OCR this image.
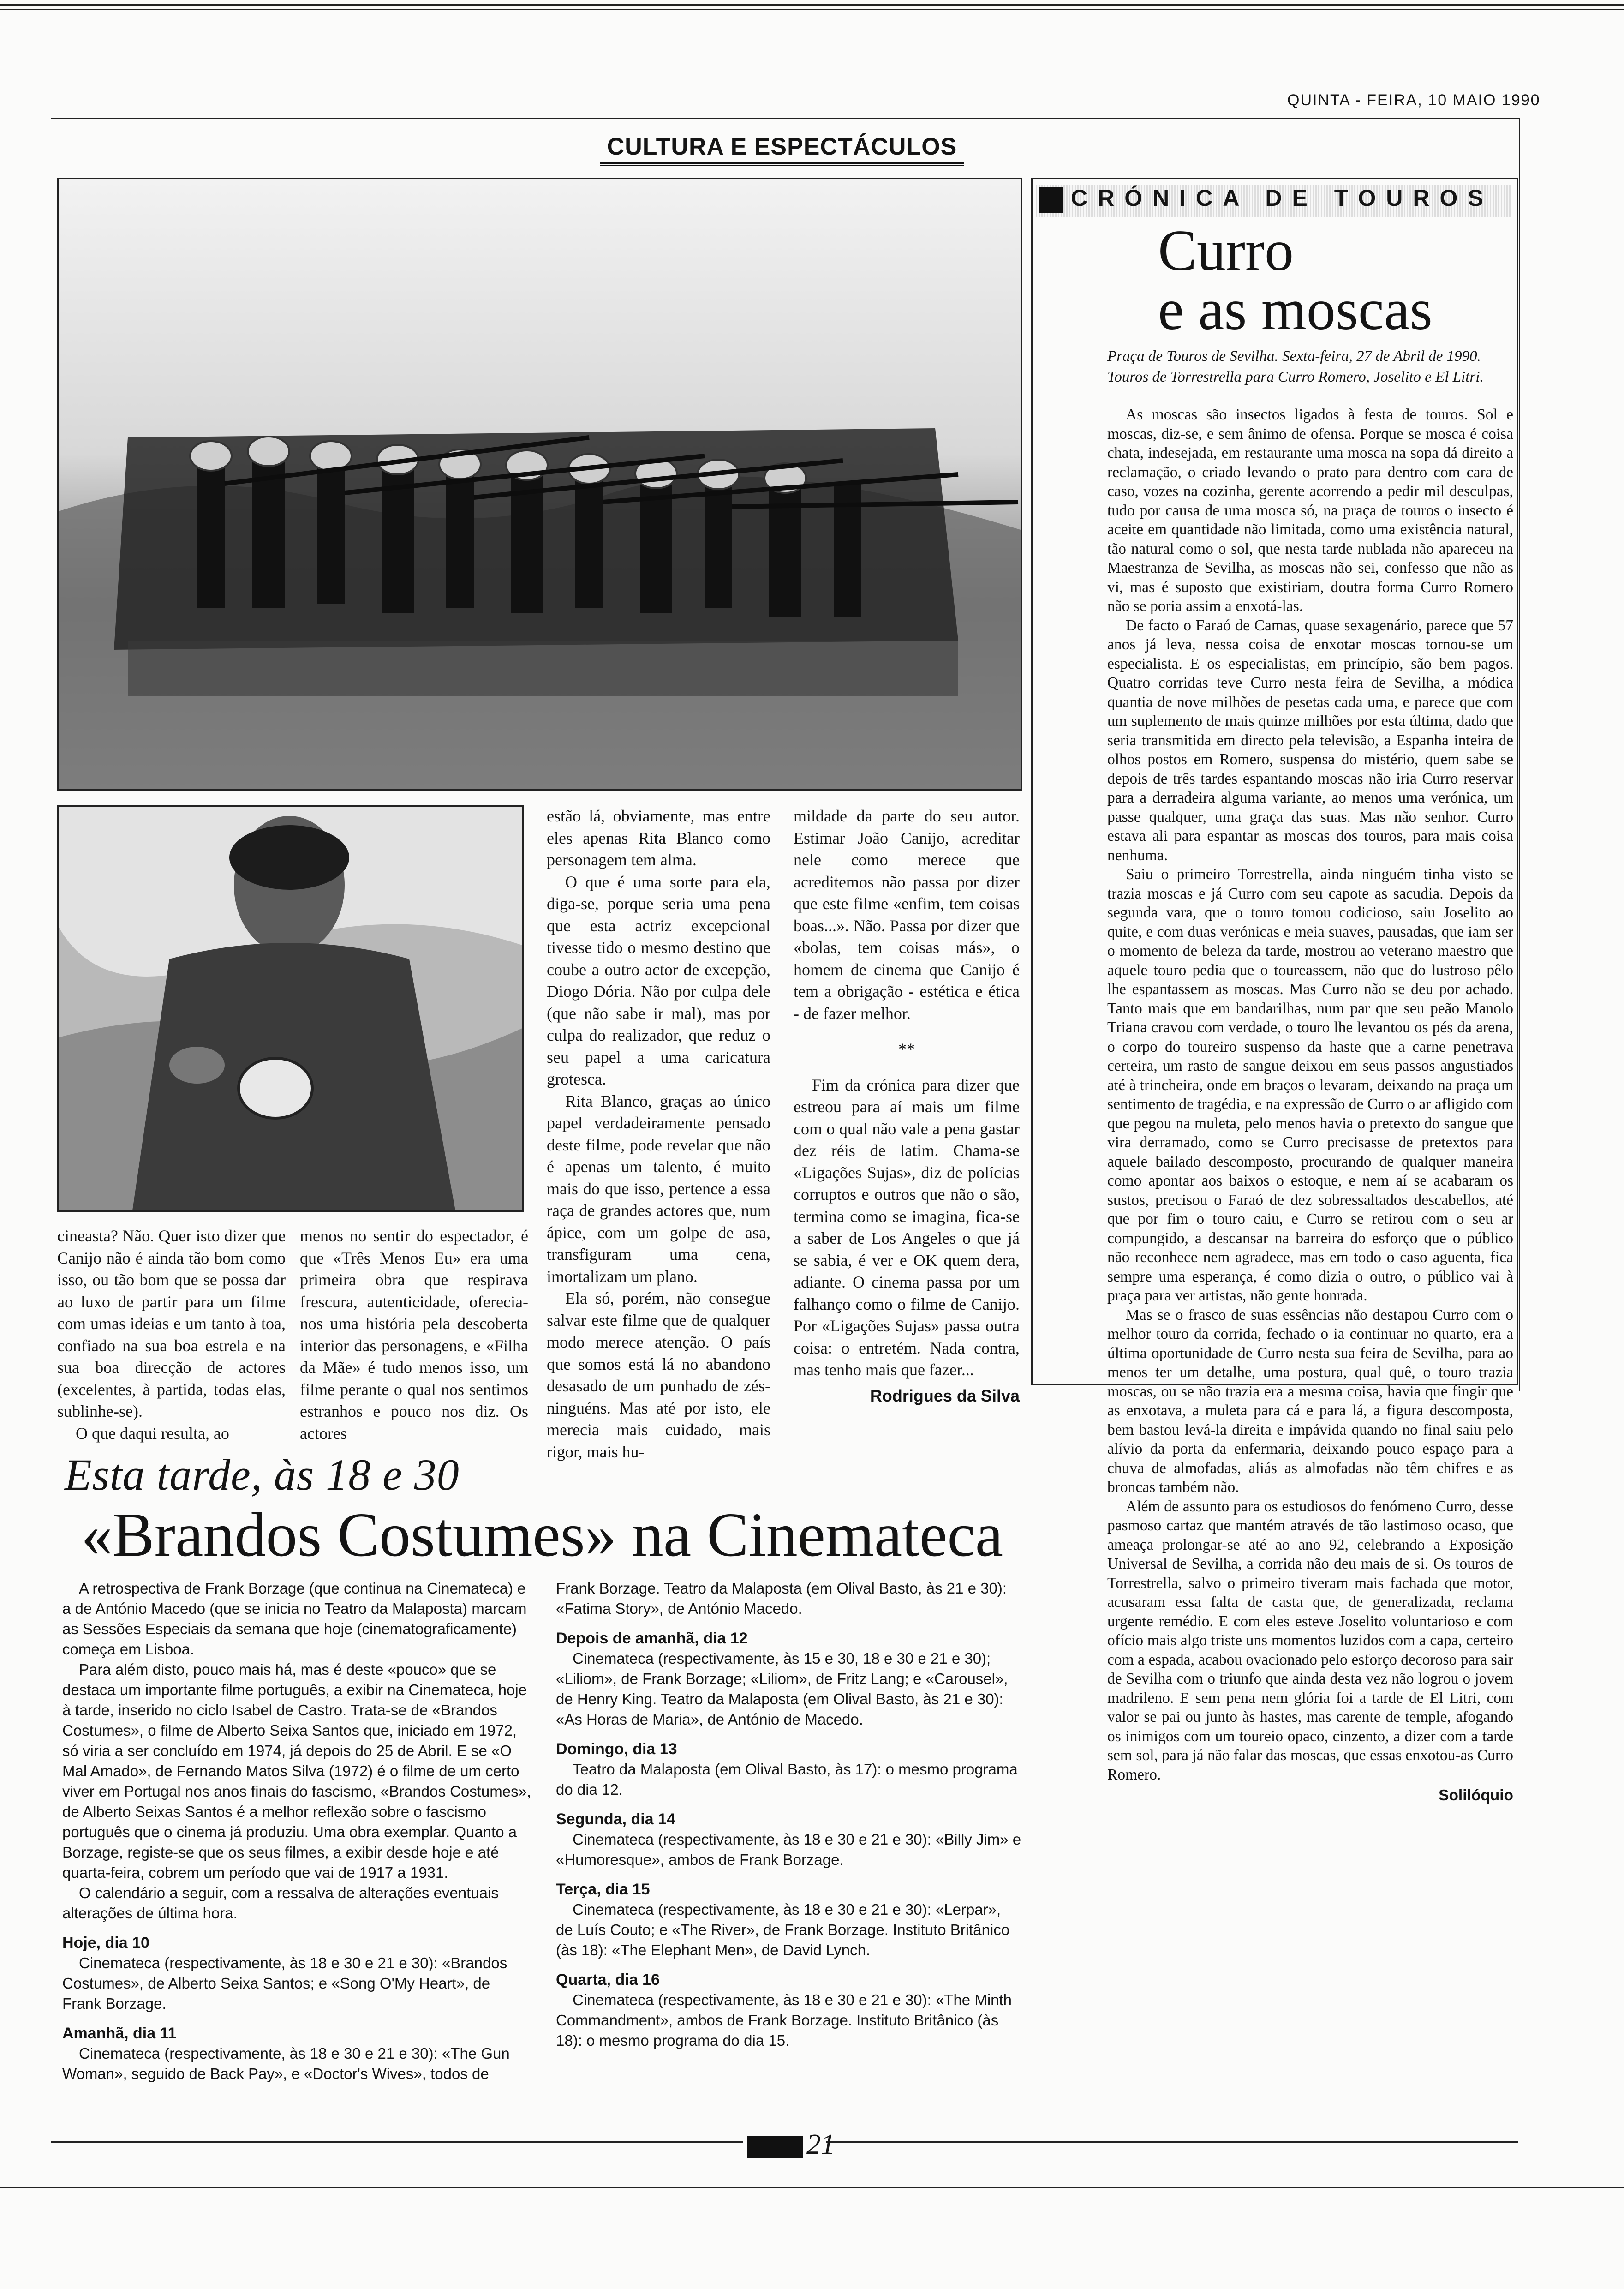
QUINTA - FEIRA, 10 MAIO 1990
CULTURA E ESPECTÁCULOS

cineasta? Não. Quer isto dizer que Canijo não é ainda tão bom como isso, ou tão bom que se possa dar ao luxo de partir para um filme com umas ideias e um tanto à toa, confiado na sua boa estrela e na sua boa direcção de actores (excelentes, à partida, todas elas, sublinhe-se).

O que daqui resulta, ao

menos no sentir do espectador, é que «Três Menos Eu» era uma primeira obra que respirava frescura, autenticidade, oferecia-nos uma história pela descoberta interior das personagens, e «Filha da Mãe» é tudo menos isso, um filme perante o qual nos sentimos estranhos e pouco nos diz. Os actores

estão lá, obviamente, mas entre eles apenas Rita Blanco como personagem tem alma.

O que é uma sorte para ela, diga-se, porque seria uma pena que esta actriz excepcional tivesse tido o mesmo destino que coube a outro actor de excepção, Diogo Dória. Não por culpa dele (que não sabe ir mal), mas por culpa do realizador, que reduz o seu papel a uma caricatura grotesca.

Rita Blanco, graças ao único papel verdadeiramente pensado deste filme, pode revelar que não é apenas um talento, é muito mais do que isso, pertence a essa raça de grandes actores que, num ápice, com um golpe de asa, transfiguram uma cena, imortalizam um plano.

Ela só, porém, não consegue salvar este filme que de qualquer modo merece atenção. O país que somos está lá no abandono desasado de um punhado de zés-ninguéns. Mas até por isto, ele merecia mais cuidado, mais rigor, mais hu-

mildade da parte do seu autor. Estimar João Canijo, acreditar nele como merece que acreditemos não passa por dizer que este filme «enfim, tem coisas boas...». Não. Passa por dizer que «bolas, tem coisas más», o homem de cinema que Canijo é tem a obrigação - estética e ética - de fazer melhor.

**

Fim da crónica para dizer que estreou para aí mais um filme com o qual não vale a pena gastar dez réis de latim. Chama-se «Ligações Sujas», diz de polícias corruptos e outros que não o são, termina como se imagina, fica-se a saber de Los Angeles o que já se sabia, é ver e OK quem dera, adiante. O cinema passa por um falhanço como o filme de Canijo. Por «Ligações Sujas» passa outra coisa: o entretém. Nada contra, mas tenho mais que fazer...

Rodrigues da Silva
Esta tarde, às 18 e 30
«Brandos Costumes» na Cinemateca

A retrospectiva de Frank Borzage (que continua na Cinemateca) e a de António Macedo (que se inicia no Teatro da Malaposta) marcam as Sessões Especiais da semana que hoje (cinematograficamente) começa em Lisboa.

Para além disto, pouco mais há, mas é deste «pouco» que se destaca um importante filme português, a exibir na Cinemateca, hoje à tarde, inserido no ciclo Isabel de Castro. Trata-se de «Brandos Costumes», o filme de Alberto Seixa Santos que, iniciado em 1972, só viria a ser concluído em 1974, já depois do 25 de Abril. E se «O Mal Amado», de Fernando Matos Silva (1972) é o filme de um certo viver em Portugal nos anos finais do fascismo, «Brandos Costumes», de Alberto Seixas Santos é a melhor reflexão sobre o fascismo português que o cinema já produziu. Uma obra exemplar. Quanto a Borzage, registe-se que os seus filmes, a exibir desde hoje e até quarta-feira, cobrem um período que vai de 1917 a 1931.

O calendário a seguir, com a ressalva de alterações eventuais alterações de última hora.

Hoje, dia 10

Cinemateca (respectivamente, às 18 e 30 e 21 e 30): «Brandos Costumes», de Alberto Seixa Santos; e «Song O'My Heart», de Frank Borzage.

Amanhã, dia 11

Cinemateca (respectivamente, às 18 e 30 e 21 e 30): «The Gun Woman», seguido de Back Pay», e «Doctor's Wives», todos de

Frank Borzage. Teatro da Malaposta (em Olival Basto, às 21 e 30): «Fatima Story», de António Macedo.

Depois de amanhã, dia 12

Cinemateca (respectivamente, às 15 e 30, 18 e 30 e 21 e 30); «Liliom», de Frank Borzage; «Liliom», de Fritz Lang; e «Carousel», de Henry King. Teatro da Malaposta (em Olival Basto, às 21 e 30): «As Horas de Maria», de António de Macedo.

Domingo, dia 13

Teatro da Malaposta (em Olival Basto, às 17): o mesmo programa do dia 12.

Segunda, dia 14

Cinemateca (respectivamente, às 18 e 30 e 21 e 30): «Billy Jim» e «Humoresque», ambos de Frank Borzage.

Terça, dia 15

Cinemateca (respectivamente, às 18 e 30 e 21 e 30): «Lerpar», de Luís Couto; e «The River», de Frank Borzage. Instituto Britânico (às 18): «The Elephant Men», de David Lynch.

Quarta, dia 16

Cinemateca (respectivamente, às 18 e 30 e 21 e 30): «The Minth Commandment», ambos de Frank Borzage. Instituto Britânico (às 18): o mesmo programa do dia 15.

CRÓNICA DE TOUROS
Curro
e as moscas
Praça de Touros de Sevilha. Sexta-feira, 27 de Abril de 1990. Touros de Torrestrella para Curro Romero, Joselito e El Litri.

As moscas são insectos ligados à festa de touros. Sol e moscas, diz-se, e sem ânimo de ofensa. Porque se mosca é coisa chata, indesejada, em restaurante uma mosca na sopa dá direito a reclamação, o criado levando o prato para dentro com cara de caso, vozes na cozinha, gerente acorrendo a pedir mil desculpas, tudo por causa de uma mosca só, na praça de touros o insecto é aceite em quantidade não limitada, como uma existência natural, tão natural como o sol, que nesta tarde nublada não apareceu na Maestranza de Sevilha, as moscas não sei, confesso que não as vi, mas é suposto que existiriam, doutra forma Curro Romero não se poria assim a enxotá-las.

De facto o Faraó de Camas, quase sexagenário, parece que 57 anos já leva, nessa coisa de enxotar moscas tornou-se um especialista. E os especialistas, em princípio, são bem pagos. Quatro corridas teve Curro nesta feira de Sevilha, a módica quantia de nove milhões de pesetas cada uma, e parece que com um suplemento de mais quinze milhões por esta última, dado que seria transmitida em directo pela televisão, a Espanha inteira de olhos postos em Romero, suspensa do mistério, quem sabe se depois de três tardes espantando moscas não iria Curro reservar para a derradeira alguma variante, ao menos uma verónica, um passe qualquer, uma graça das suas. Mas não senhor. Curro estava ali para espantar as moscas dos touros, para mais coisa nenhuma.

Saiu o primeiro Torrestrella, ainda ninguém tinha visto se trazia moscas e já Curro com seu capote as sacudia. Depois da segunda vara, que o touro tomou codicioso, saiu Joselito ao quite, e com duas verónicas e meia suaves, pausadas, que iam ser o momento de beleza da tarde, mostrou ao veterano maestro que aquele touro pedia que o toureassem, não que do lustroso pêlo lhe espantassem as moscas. Mas Curro não se deu por achado. Tanto mais que em bandarilhas, num par que seu peão Manolo Triana cravou com verdade, o touro lhe levantou os pés da arena, o corpo do toureiro suspenso da haste que a carne penetrava certeira, um rasto de sangue deixou em seus passos angustiados até à trincheira, onde em braços o levaram, deixando na praça um sentimento de tragédia, e na expressão de Curro o ar afligido com que pegou na muleta, pelo menos havia o pretexto do sangue que vira derramado, como se Curro precisasse de pretextos para aquele bailado descomposto, procurando de qualquer maneira como apontar aos baixos o estoque, e nem aí se acabaram os sustos, precisou o Faraó de dez sobressaltados descabellos, até que por fim o touro caiu, e Curro se retirou com o seu ar compungido, a descansar na barreira do esforço que o público não reconhece nem agradece, mas em todo o caso aguenta, fica sempre uma esperança, é como dizia o outro, o público vai à praça para ver artistas, não gente honrada.

Mas se o frasco de suas essências não destapou Curro com o melhor touro da corrida, fechado o ia continuar no quarto, era a última oportunidade de Curro nesta sua feira de Sevilha, para ao menos ter um detalhe, uma postura, qual quê, o touro trazia moscas, ou se não trazia era a mesma coisa, havia que fingir que as enxotava, a muleta para cá e para lá, a figura descomposta, bem bastou levá-la direita e impávida quando no final saiu pelo alívio da porta da enfermaria, deixando pouco espaço para a chuva de almofadas, aliás as almofadas não têm chifres e as broncas também não.

Além de assunto para os estudiosos do fenómeno Curro, desse pasmoso cartaz que mantém através de tão lastimoso ocaso, que ameaça prolongar-se até ao ano 92, celebrando a Exposição Universal de Sevilha, a corrida não deu mais de si. Os touros de Torrestrella, salvo o primeiro tiveram mais fachada que motor, acusaram essa falta de casta que, de generalizada, reclama urgente remédio. E com eles esteve Joselito voluntarioso e com ofício mais algo triste uns momentos luzidos com a capa, certeiro com a espada, acabou ovacionado pelo esforço decoroso para sair de Sevilha com o triunfo que ainda desta vez não logrou o jovem madrileno. E sem pena nem glória foi a tarde de El Litri, com valor se pai ou junto às hastes, mas carente de temple, afogando os inimigos com um toureio opaco, cinzento, a dizer com a tarde sem sol, para já não falar das moscas, que essas enxotou-as Curro Romero.

Solilóquio
21
